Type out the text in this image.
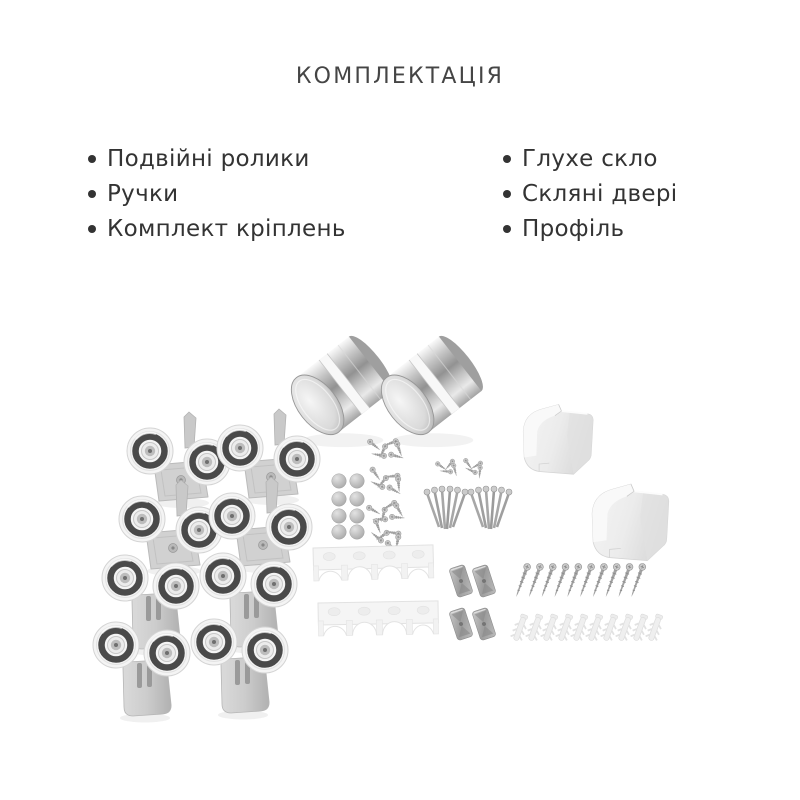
КОМПЛЕКТАЦІЯ
Подвійні ролики
Ручки
Комплект кріплень
Глухе скло
Скляні двері
Профіль
